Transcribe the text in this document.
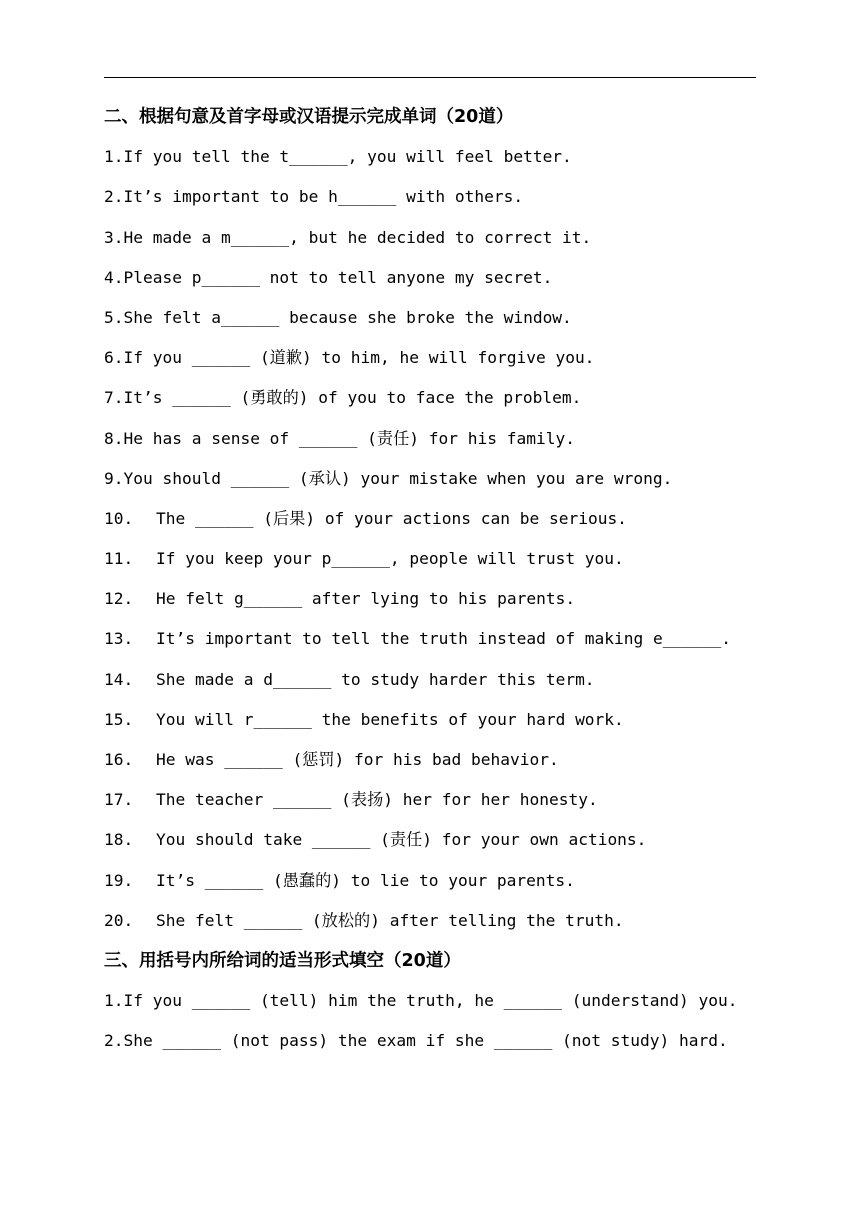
二、根据句意及首字母或汉语提示完成单词（20道）
1.If you tell the t______, you will feel better.
2.It’s important to be h______ with others.
3.He made a m______, but he decided to correct it.
4.Please p______ not to tell anyone my secret.
5.She felt a______ because she broke the window.
6.If you ______ (道歉) to him, he will forgive you.
7.It’s ______ (勇敢的) of you to face the problem.
8.He has a sense of ______ (责任) for his family.
9.You should ______ (承认) your mistake when you are wrong.
10. The ______ (后果) of your actions can be serious.
11. If you keep your p______, people will trust you.
12. He felt g______ after lying to his parents.
13. It’s important to tell the truth instead of making e______.
14. She made a d______ to study harder this term.
15. You will r______ the benefits of your hard work.
16. He was ______ (惩罚) for his bad behavior.
17. The teacher ______ (表扬) her for her honesty.
18. You should take ______ (责任) for your own actions.
19. It’s ______ (愚蠢的) to lie to your parents.
20. She felt ______ (放松的) after telling the truth.
三、用括号内所给词的适当形式填空（20道）
1.If you ______ (tell) him the truth, he ______ (understand) you.
2.She ______ (not pass) the exam if she ______ (not study) hard.
